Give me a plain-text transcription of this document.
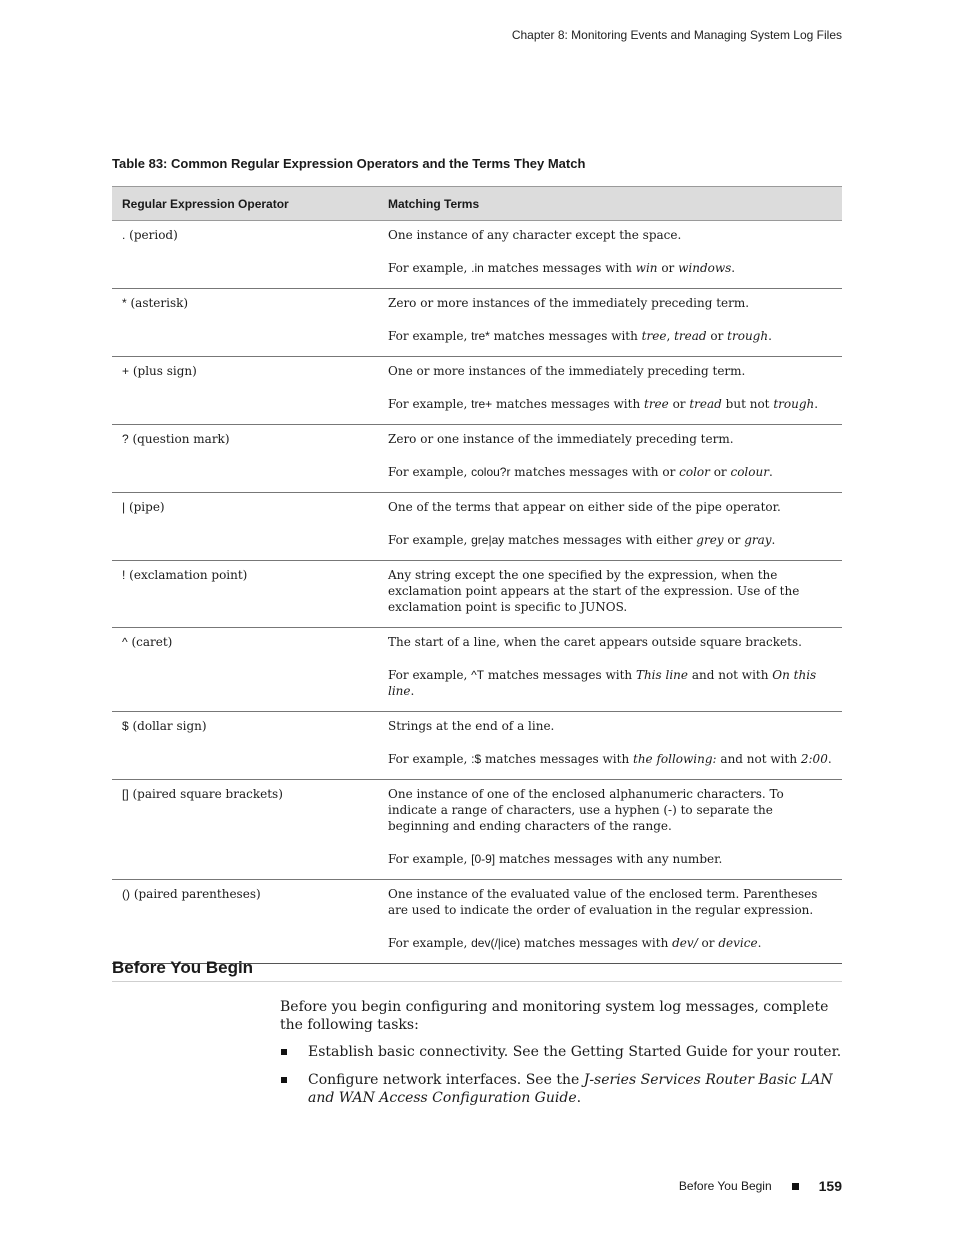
Chapter 8: Monitoring Events and Managing System Log Files
Table 83: Common Regular Expression Operators and the Terms They Match
Regular Expression Operator	Matching Terms
. (period)	One instance of any character except the space.

For example, .in matches messages with win or windows.

* (asterisk)	Zero or more instances of the immediately preceding term.

For example, tre* matches messages with tree, tread or trough.

+ (plus sign)	One or more instances of the immediately preceding term.

For example, tre+ matches messages with tree or tread but not trough.

? (question mark)	Zero or one instance of the immediately preceding term.

For example, colou?r matches messages with or color or colour.

| (pipe)	One of the terms that appear on either side of the pipe operator.

For example, gre|ay matches messages with either grey or gray.

! (exclamation point)	Any string except the one specified by the expression, when the exclamation point appears at the start of the expression. Use of the exclamation point is specific to JUNOS.

^ (caret)	The start of a line, when the caret appears outside square brackets.

For example, ^T matches messages with This line and not with On this line.

$ (dollar sign)	Strings at the end of a line.

For example, :$ matches messages with the following: and not with 2:00.

[] (paired square brackets)	One instance of one of the enclosed alphanumeric characters. To indicate a range of characters, use a hyphen (-) to separate the beginning and ending characters of the range.

For example, [0-9] matches messages with any number.

() (paired parentheses)	One instance of the evaluated value of the enclosed term. Parentheses are used to indicate the order of evaluation in the regular expression.

For example, dev(/|ice) matches messages with dev/ or device.

Before You Begin

Before you begin configuring and monitoring system log messages, complete the following tasks:

Establish basic connectivity. See the Getting Started Guide for your router.
Configure network interfaces. See the J-series Services Router Basic LAN and WAN Access Configuration Guide.
Before You Begin	159
